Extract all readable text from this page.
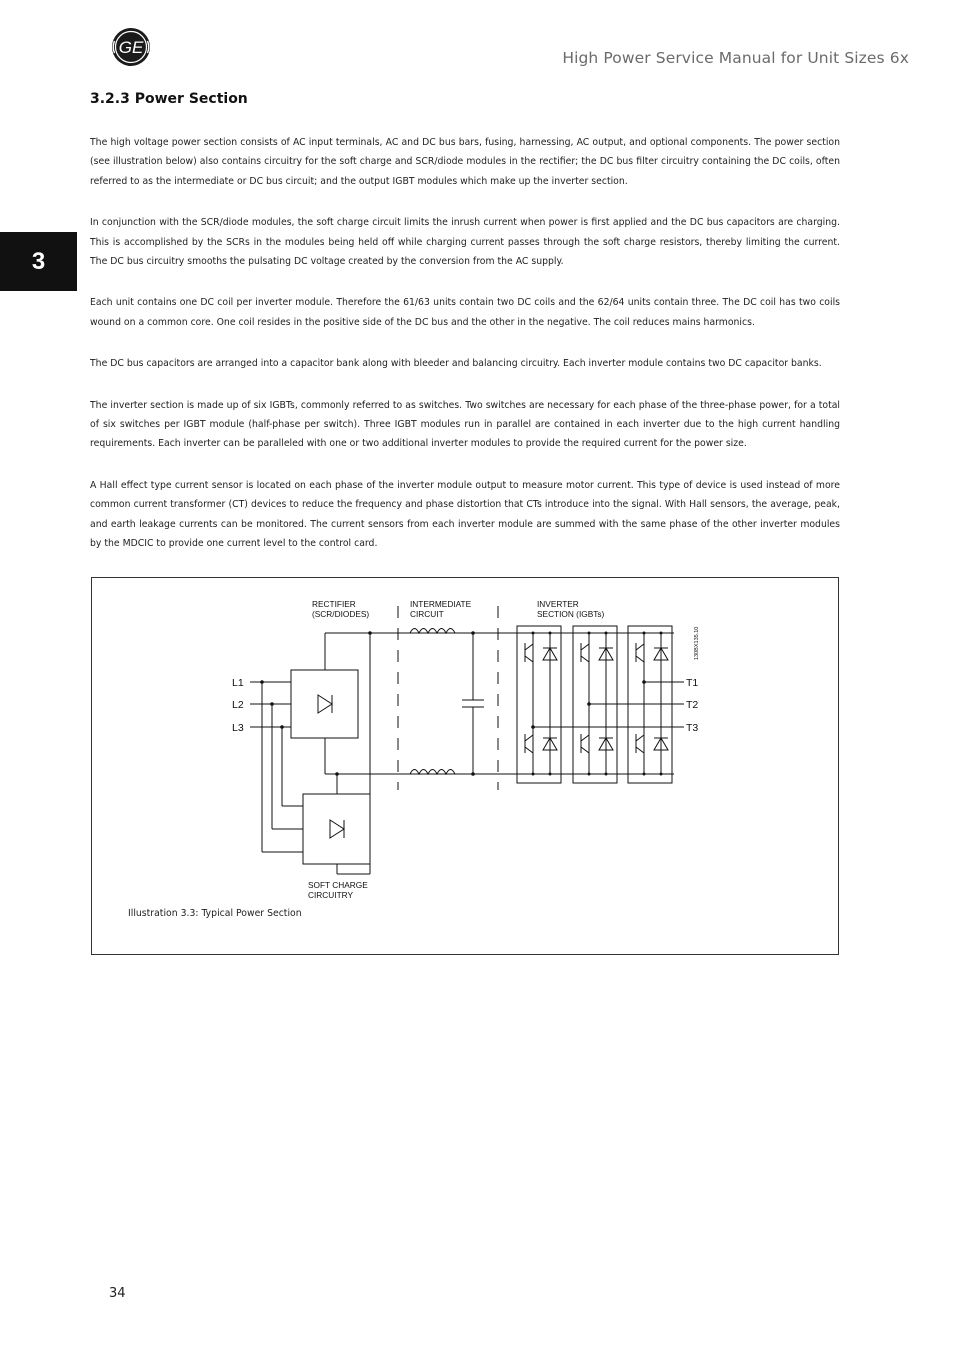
GE
High Power Service Manual for Unit Sizes 6x
3
3.2.3 Power Section

The high voltage power section consists of AC input terminals, AC and DC bus bars, fusing, harnessing, AC output, and optional components. The power section (see illustration below) also contains circuitry for the soft charge and SCR/diode modules in the rectifier; the DC bus filter circuitry containing the DC coils, often referred to as the intermediate or DC bus circuit; and the output IGBT modules which make up the inverter section.

In conjunction with the SCR/diode modules, the soft charge circuit limits the inrush current when power is first applied and the DC bus capacitors are charging. This is accomplished by the SCRs in the modules being held off while charging current passes through the soft charge resistors, thereby limiting the current. The DC bus circuitry smooths the pulsating DC voltage created by the conversion from the AC supply.

Each unit contains one DC coil per inverter module. Therefore the 61/63 units contain two DC coils and the 62/64 units contain three. The DC coil has two coils wound on a common core. One coil resides in the positive side of the DC bus and the other in the negative. The coil reduces mains harmonics.

The DC bus capacitors are arranged into a capacitor bank along with bleeder and balancing circuitry. Each inverter module contains two DC capacitor banks.

The inverter section is made up of six IGBTs, commonly referred to as switches. Two switches are necessary for each phase of the three-phase power, for a total of six switches per IGBT module (half-phase per switch). Three IGBT modules run in parallel are contained in each inverter due to the high current handling requirements. Each inverter can be paralleled with one or two additional inverter modules to provide the required current for the power size.

A Hall effect type current sensor is located on each phase of the inverter module output to measure motor current. This type of device is used instead of more common current transformer (CT) devices to reduce the frequency and phase distortion that CTs introduce into the signal. With Hall sensors, the average, peak, and earth leakage currents can be monitored. The current sensors from each inverter module are summed with the same phase of the other inverter modules by the MDCIC to provide one current level to the control card.

RECTIFIER
(SCR/DIODES)
INTERMEDIATE
CIRCUIT
INVERTER
SECTION (IGBTs)
SOFT CHARGE
CIRCUITRY
130BX135.10
L1
L2
L3
T1
T2
T3
Illustration 3.3: Typical Power Section
34
